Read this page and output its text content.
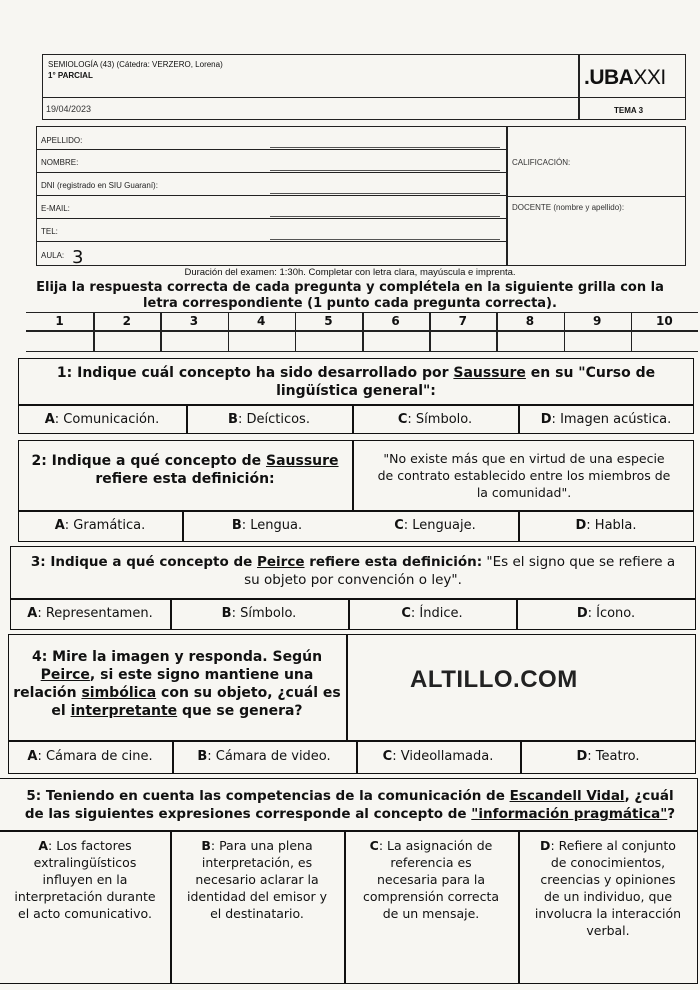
SEMIOLOGÍA (43) (Cátedra: VERZERO, Lorena)
1° PARCIAL	.UBAXXI
19/04/2023	TEMA 3
APELLIDO:
NOMBRE:
DNI (registrado en SIU Guaraní):
E-MAIL:
TEL:
AULA: 3
CALIFICACIÓN:
DOCENTE (nombre y apellido):
Duración del examen: 1:30h. Completar con letra clara, mayúscula e imprenta.
Elija la respuesta correcta de cada pregunta y complétela en la siguiente grilla con la
letra correspondiente (1 punto cada pregunta correcta).
1	2	3	4	5	6	7	8	9	10
1: Indique cuál concepto ha sido desarrollado por Saussure en su "Curso de
lingüística general":
A: Comunicación.	B: Deícticos.	C: Símbolo.	D: Imagen acústica.
2: Indique a qué concepto de Saussure
refiere esta definición:
"No existe más que en virtud de una especie
de contrato establecido entre los miembros de
la comunidad".
A: Gramática.	B: Lengua.	C: Lenguaje.	D: Habla.
3: Indique a qué concepto de Peirce refiere esta definición: "Es el signo que se refiere a
su objeto por convención o ley".
A: Representamen.	B: Símbolo.	C: Índice.	D: Ícono.
4: Mire la imagen y responda. Según
Peirce, si este signo mantiene una
relación simbólica con su objeto, ¿cuál es
el interpretante que se genera?
ALTILLO.COM
A: Cámara de cine.	B: Cámara de video.	C: Videollamada.	D: Teatro.
5: Teniendo en cuenta las competencias de la comunicación de Escandell Vidal, ¿cuál
de las siguientes expresiones corresponde al concepto de "información pragmática"?
A: Los factores
extralingüísticos
influyen en la
interpretación durante
el acto comunicativo.
B: Para una plena
interpretación, es
necesario aclarar la
identidad del emisor y
el destinatario.
C: La asignación de
referencia es
necesaria para la
comprensión correcta
de un mensaje.
D: Refiere al conjunto
de conocimientos,
creencias y opiniones
de un individuo, que
involucra la interacción
verbal.
